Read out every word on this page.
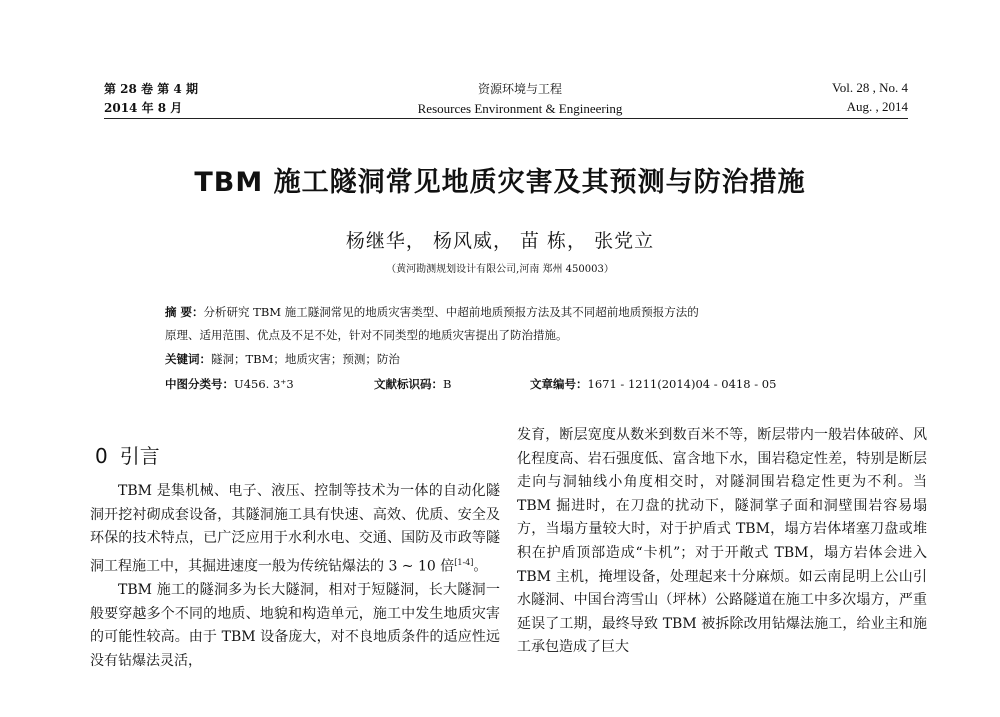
第 28 卷 第 4 期
2014 年 8 月
资源环境与工程
Resources Environment & Engineering
Vol. 28 , No. 4
Aug. , 2014
TBM 施工隧洞常见地质灾害及其预测与防治措施
杨继华， 杨风威， 苗 栋， 张党立
（黄河勘测规划设计有限公司,河南 郑州 450003）
摘 要：分析研究 TBM 施工隧洞常见的地质灾害类型、中超前地质预报方法及其不同超前地质预报方法的
原理、适用范围、优点及不足不处，针对不同类型的地质灾害提出了防治措施。
关键词：隧洞；TBM；地质灾害；预测；防治
中图分类号：U456. 3⁺3	文献标识码：B	文章编号：1671 - 1211(2014)04 - 0418 - 05
0 引言

TBM 是集机械、电子、液压、控制等技术为一体的自动化隧洞开挖衬砌成套设备，其隧洞施工具有快速、高效、优质、安全及环保的技术特点，已广泛应用于水利水电、交通、国防及市政等隧洞工程施工中，其掘进速度一般为传统钻爆法的 3 ~ 10 倍[1-4]。

TBM 施工的隧洞多为长大隧洞，相对于短隧洞，长大隧洞一般要穿越多个不同的地质、地貌和构造单元，施工中发生地质灾害的可能性较高。由于 TBM 设备庞大，对不良地质条件的适应性远没有钻爆法灵活，

发育，断层宽度从数米到数百米不等，断层带内一般岩体破碎、风化程度高、岩石强度低、富含地下水，围岩稳定性差，特别是断层走向与洞轴线小角度相交时，对隧洞围岩稳定性更为不利。当 TBM 掘进时，在刀盘的扰动下，隧洞掌子面和洞壁围岩容易塌方，当塌方量较大时，对于护盾式 TBM，塌方岩体堵塞刀盘或堆积在护盾顶部造成“卡机”；对于开敞式 TBM，塌方岩体会进入 TBM 主机，掩埋设备，处理起来十分麻烦。如云南昆明上公山引水隧洞、中国台湾雪山（坪林）公路隧道在施工中多次塌方，严重延误了工期，最终导致 TBM 被拆除改用钻爆法施工，给业主和施工承包造成了巨大
